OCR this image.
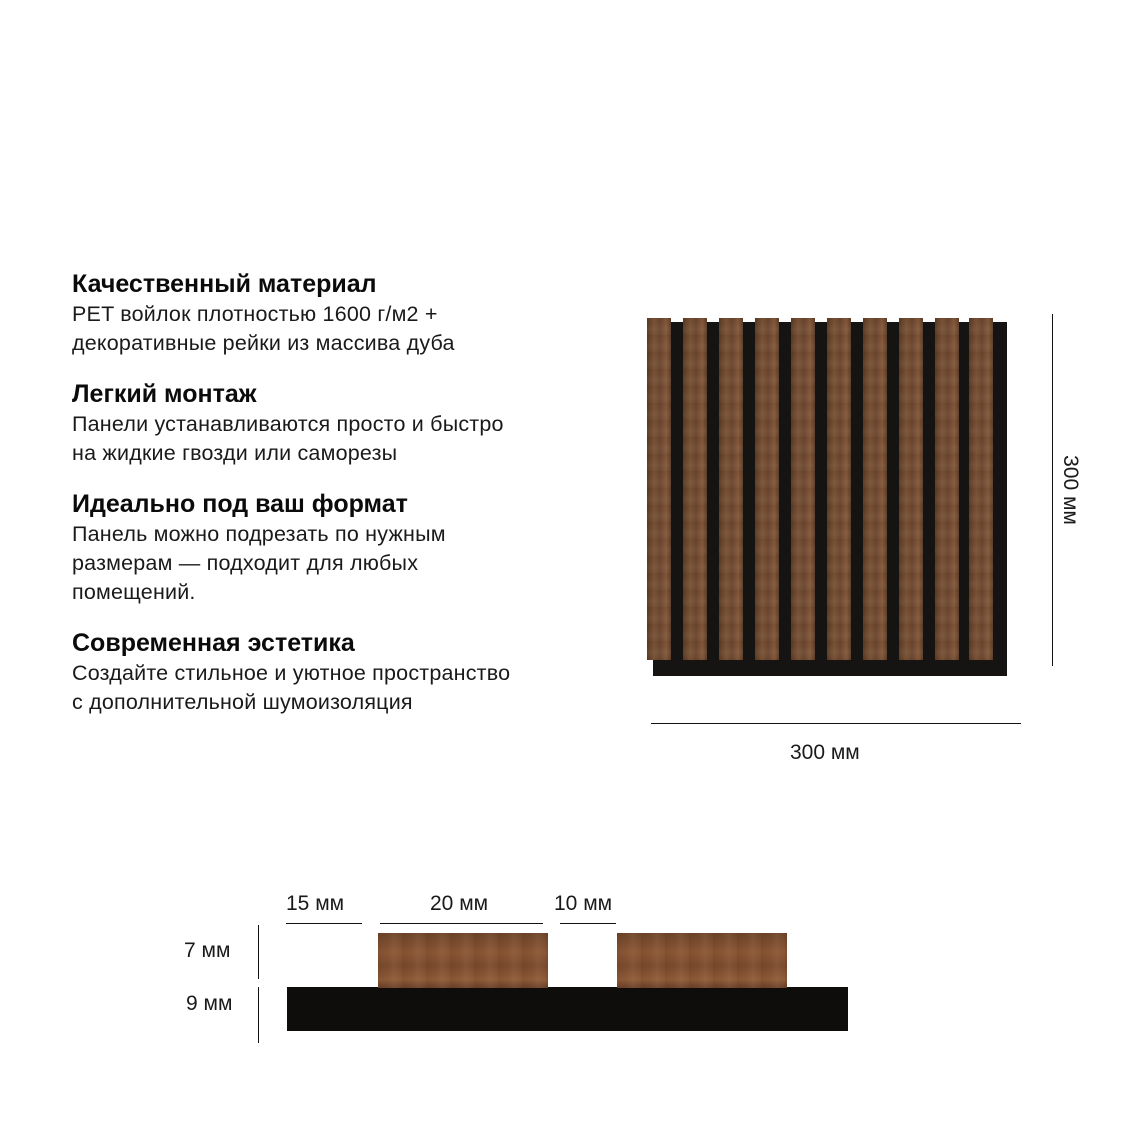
Качественный материал
PET войлок плотностью 1600 г/м2 +
декоративные рейки из массива дуба
Легкий монтаж
Панели устанавливаются просто и быстро
на жидкие гвозди или саморезы
Идеально под ваш формат
Панель можно подрезать по нужным
размерам — подходит для любых
помещений.
Современная эстетика
Создайте стильное и уютное пространство
с дополнительной шумоизоляция
300 мм
300 мм
15 мм	20 мм	10 мм
7 мм
9 мм
